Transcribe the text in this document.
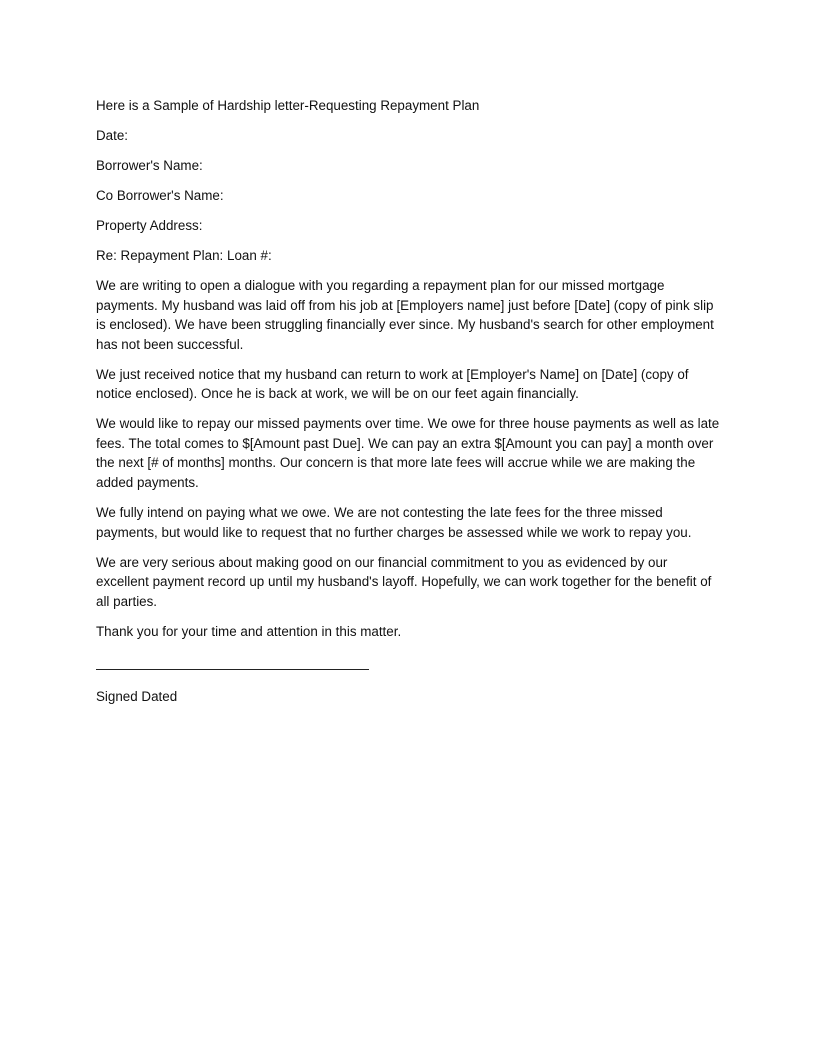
Here is a Sample of Hardship letter-Requesting Repayment Plan

Date:

Borrower's Name:

Co Borrower's Name:

Property Address:

Re: Repayment Plan: Loan #:

We are writing to open a dialogue with you regarding a repayment plan for our missed mortgage payments. My husband was laid off from his job at [Employers name] just before [Date] (copy of pink slip is enclosed). We have been struggling financially ever since. My husband's search for other employment has not been successful.

We just received notice that my husband can return to work at [Employer's Name] on [Date] (copy of notice enclosed). Once he is back at work, we will be on our feet again financially.

We would like to repay our missed payments over time. We owe for three house payments as well as late fees. The total comes to $[Amount past Due]. We can pay an extra $[Amount you can pay] a month over the next [# of months] months. Our concern is that more late fees will accrue while we are making the added payments.

We fully intend on paying what we owe. We are not contesting the late fees for the three missed payments, but would like to request that no further charges be assessed while we work to repay you.

We are very serious about making good on our financial commitment to you as evidenced by our excellent payment record up until my husband's layoff. Hopefully, we can work together for the benefit of all parties.

Thank you for your time and attention in this matter.

Signed Dated
